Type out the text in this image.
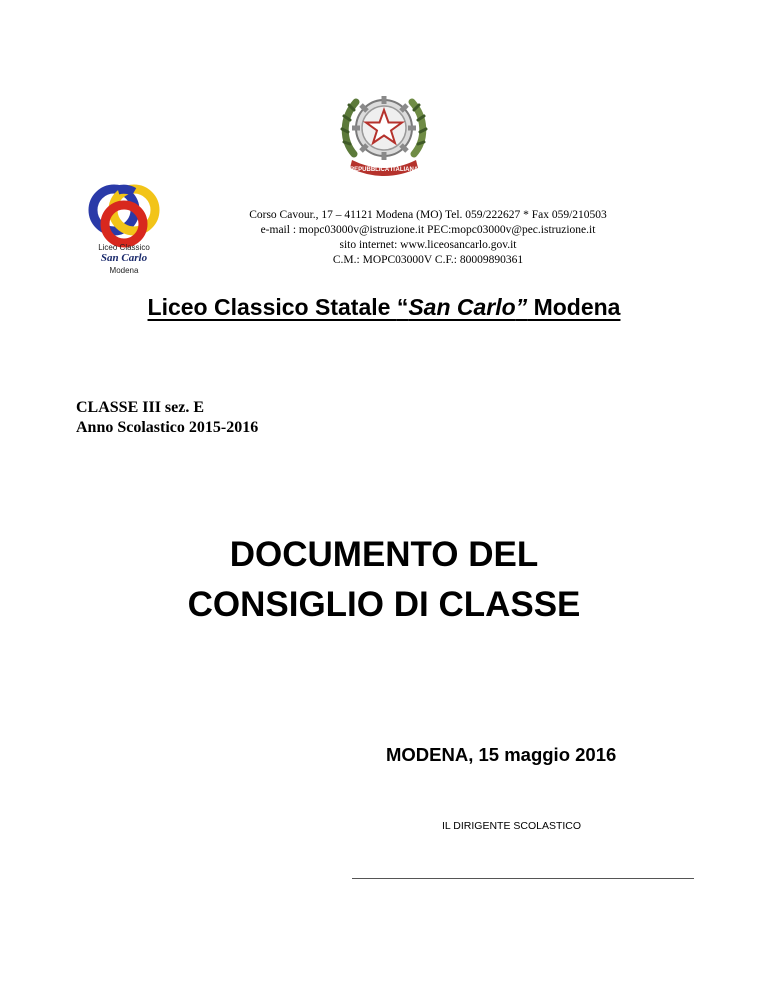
REPUBBLICA ITALIANA
Liceo Classico
San Carlo
Modena
Corso Cavour., 17 – 41121 Modena (MO) Tel. 059/222627 * Fax 059/210503
e-mail : mopc03000v@istruzione.it PEC:mopc03000v@pec.istruzione.it
sito internet: www.liceosancarlo.gov.it
C.M.: MOPC03000V C.F.: 80009890361
Liceo Classico Statale “San Carlo” Modena
CLASSE III sez. E
Anno Scolastico 2015-2016
DOCUMENTO DEL
CONSIGLIO DI CLASSE
MODENA, 15 maggio 2016
IL DIRIGENTE SCOLASTICO
